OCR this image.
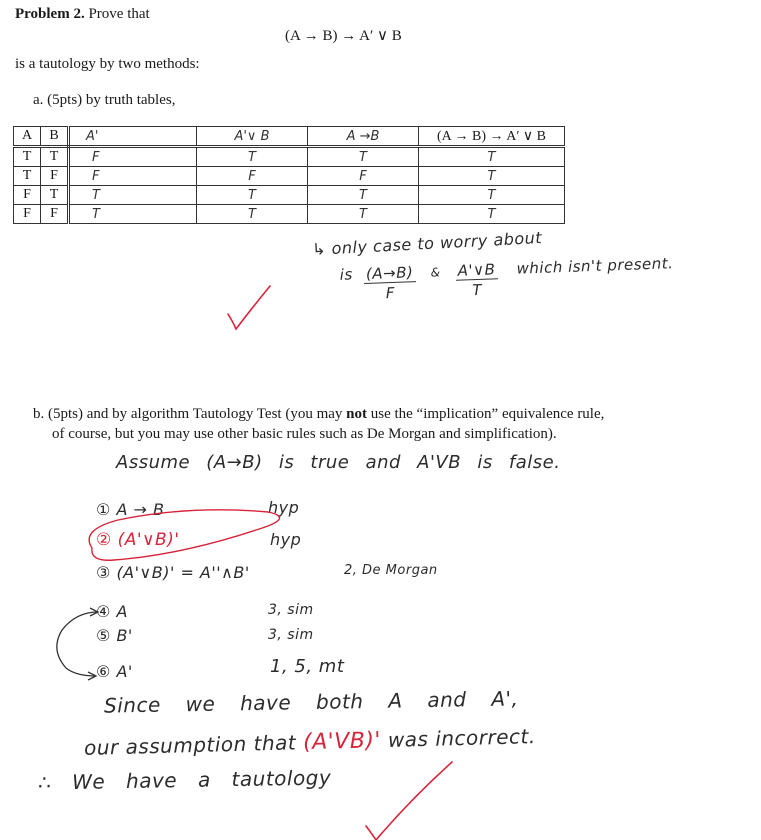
Problem 2. Prove that
(A → B) → A′ ∨ B
is a tautology by two methods:
a. (5pts) by truth tables,
A	B	A'	A'∨ B	A →B	(A → B) → A′ ∨ B
T	T	F	T	T	T
T	F	F	F	F	T
F	T	T	T	T	T
F	F	T	T	T	T
↳ only case to worry about
is $\frac{(A\to B)}{F}$ & $\frac{A'\vee B}{T}$ which isn't present.
b. (5pts) and by algorithm Tautology Test (you may not use the “implication” equivalence rule,
of course, but you may use other basic rules such as De Morgan and simplification).
Assume (A→B) is true and A'VB is false.
① A → B	hyp
② (A'∨B)'	hyp
③ (A'∨B)' = A''∧B'	2, De Morgan
④ A	3, sim
⑤ B'	3, sim
⑥ A'	1, 5, mt
Since we have both A and A',
our assumption that (A'VB)' was incorrect.
∴ We have a tautology
